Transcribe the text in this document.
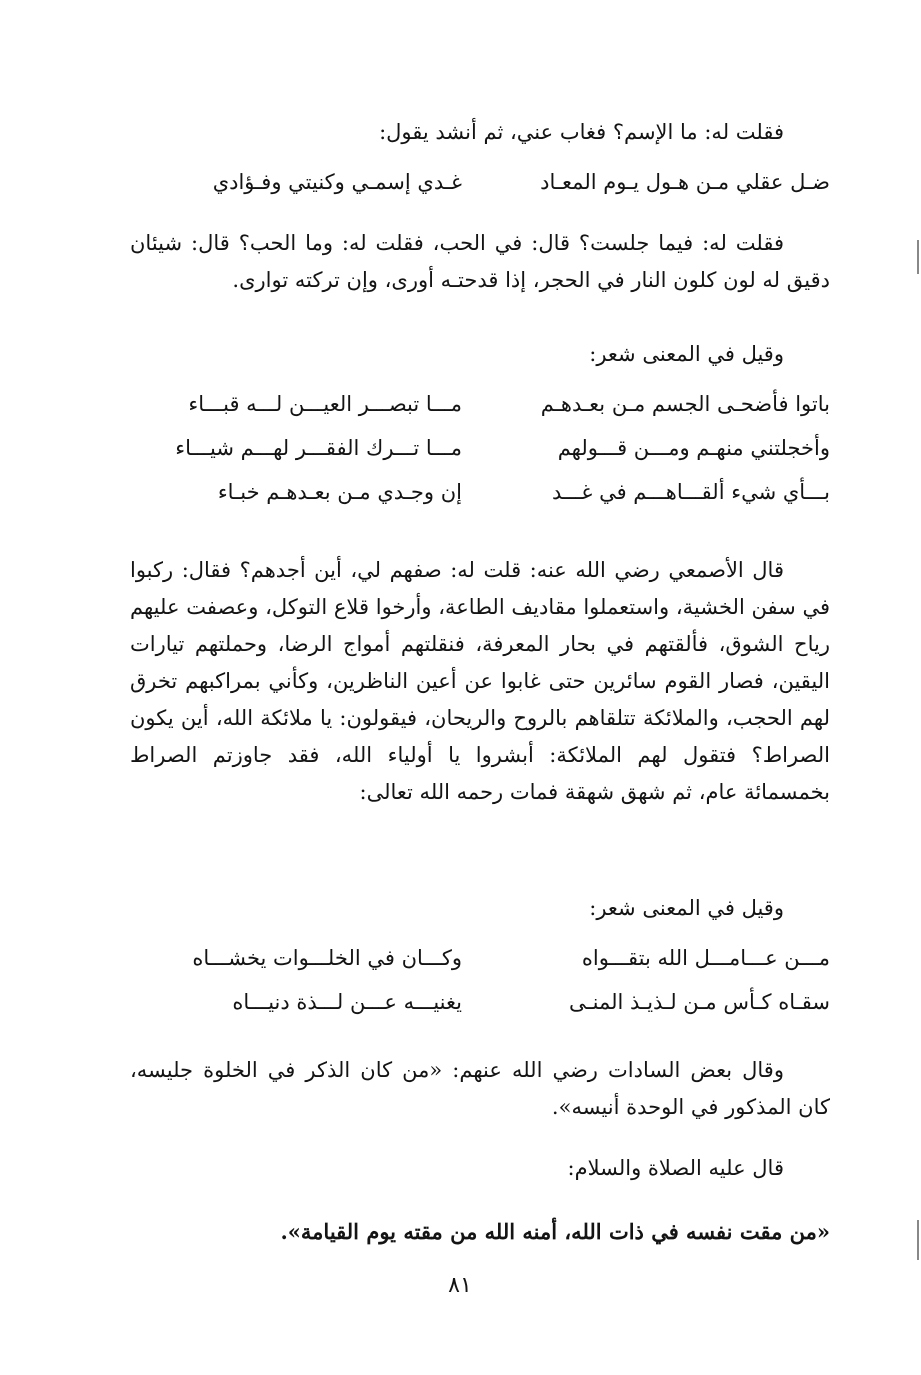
فقلت له: ما الإسم؟ فغاب عني، ثم أنشد يقول:

غـدي إسمـي وكنيتي وفـؤادي	ضـل عقلي مـن هـول يـوم المعـاد

فقلت له: فيما جلست؟ قال: في الحب، فقلت له: وما الحب؟ قال: شيئان دقيق له لون كلون النار في الحجر، إذا قدحتـه أورى، وإن تركته توارى.

وقيل في المعنى شعر:

مـــا تبصـــر العيـــن لـــه قبـــاء	باتوا فأضحـى الجسم مـن بعـدهـم
مـــا تـــرك الفقـــر لهـــم شيـــاء	وأخجلتني منهـم ومـــن قـــولهم
إن وجـدي مـن بعـدهـم خبـاء	بـــأي شيء ألقـــاهـــم في غـــد

قال الأصمعي رضي الله عنه: قلت له: صفهم لي، أين أجدهم؟ فقال: ركبوا في سفن الخشية، واستعملوا مقاديف الطاعة، وأرخوا قلاع التوكل، وعصفت عليهم رياح الشوق، فألقتهم في بحار المعرفة، فنقلتهم أمواج الرضا، وحملتهم تيارات اليقين، فصار القوم سائرين حتى غابوا عن أعين الناظرين، وكأني بمراكبهم تخرق لهم الحجب، والملائكة تتلقاهم بالروح والريحان، فيقولون: يا ملائكة الله، أين يكون الصراط؟ فتقول لهم الملائكة: أبشروا يا أولياء الله، فقد جاوزتم الصراط بخمسمائة عام، ثم شهق شهقة فمات رحمه الله تعالى:

وقيل في المعنى شعر:

وكـــان في الخلـــوات يخشـــاه	مـــن عـــامـــل الله بتقـــواه
يغنيـــه عـــن لـــذة دنيـــاه	سقـاه كـأس مـن لـذيـذ المنـى

وقال بعض السادات رضي الله عنهم: «من كان الذكر في الخلوة جليسه، كان المذكور في الوحدة أنيسه».

قال عليه الصلاة والسلام:

«من مقت نفسه في ذات الله، أمنه الله من مقته يوم القيامة».

٨١
